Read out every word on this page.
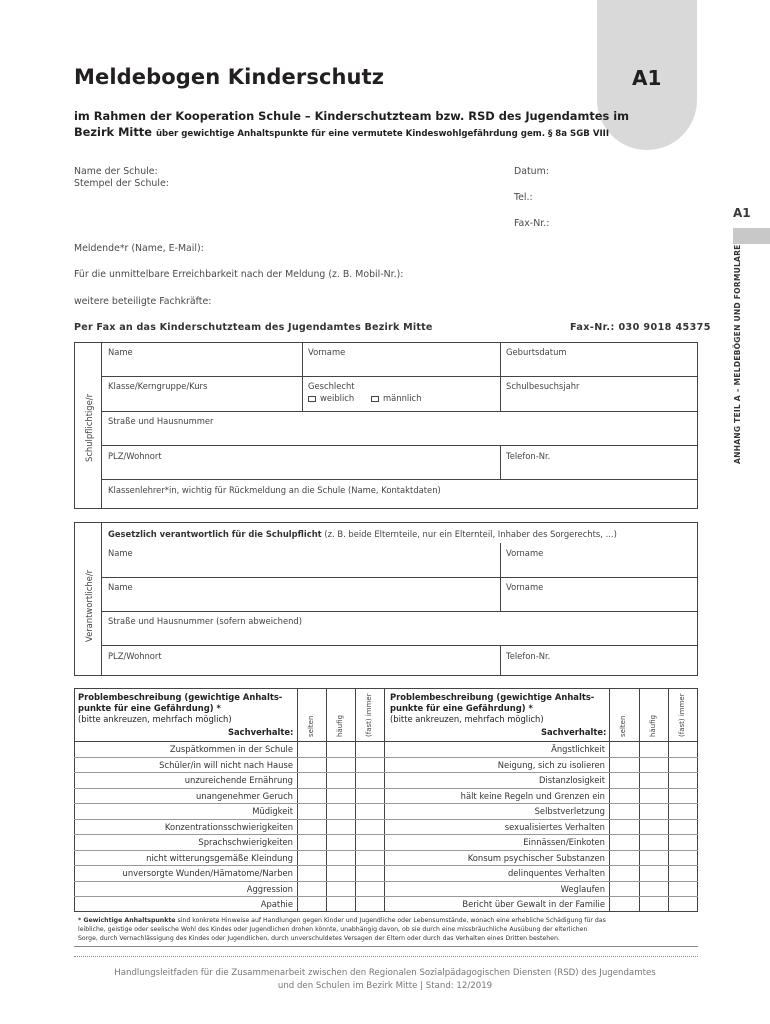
A1
Meldebogen Kinderschutz
im Rahmen der Kooperation Schule – Kinderschutzteam bzw. RSD des Jugendamtes im
Bezirk Mitte über gewichtige Anhaltspunkte für eine vermutete Kindeswohlgefährdung gem. § 8a SGB VIII
A1
ANHANG TEIL A – MELDEBÖGEN UND FORMULARE
Name der Schule:
Stempel der Schule:
Datum:
Tel.:
Fax-Nr.:
Meldende*r (Name, E-Mail):
Für die unmittelbare Erreichbarkeit nach der Meldung (z. B. Mobil-Nr.):
weitere beteiligte Fachkräfte:
Per Fax an das Kinderschutzteam des Jugendamtes Bezirk Mitte	Fax-Nr.: 030 9018 45375
Schulpflichtige/r
Name	Vorname	Geburtsdatum
Klasse/Kerngruppe/Kurs	Geschlecht
weiblich	männlich
Schulbesuchsjahr
Straße und Hausnummer
PLZ/Wohnort	Telefon-Nr.
Klassenlehrer*in, wichtig für Rückmeldung an die Schule (Name, Kontaktdaten)
Verantwortliche/r
Gesetzlich verantwortlich für die Schulpflicht (z. B. beide Elternteile, nur ein Elternteil, Inhaber des Sorgerechts, ...)
Name	Vorname
Name	Vorname
Straße und Hausnummer (sofern abweichend)
PLZ/Wohnort	Telefon-Nr.
Problembeschreibung (gewichtige Anhalts-
punkte für eine Gefährdung) *
(bitte ankreuzen, mehrfach möglich)
Sachverhalte:
Problembeschreibung (gewichtige Anhalts-
punkte für eine Gefährdung) *
(bitte ankreuzen, mehrfach möglich)
Sachverhalte:
selten	häufig	(fast) immer	selten	häufig	(fast) immer
Zuspätkommen in der Schule	Ängstlichkeit
Schüler/in will nicht nach Hause	Neigung, sich zu isolieren
unzureichende Ernährung	Distanzlosigkeit
unangenehmer Geruch	hält keine Regeln und Grenzen ein
Müdigkeit	Selbstverletzung
Konzentrationsschwierigkeiten	sexualisiertes Verhalten
Sprachschwierigkeiten	Einnässen/Einkoten
nicht witterungsgemäße Kleindung	Konsum psychischer Substanzen
unversorgte Wunden/Hämatome/Narben	delinquentes Verhalten
Aggression	Weglaufen
Apathie	Bericht über Gewalt in der Familie
* Gewichtige Anhaltspunkte sind konkrete Hinweise auf Handlungen gegen Kinder und Jugendliche oder Lebensumstände, wonach eine erhebliche Schädigung für das
leibliche, geistige oder seelische Wohl des Kindes oder Jugendlichen drohen könnte, unabhängig davon, ob sie durch eine missbräuchliche Ausübung der elterlichen
Sorge, durch Vernachlässigung des Kindes oder Jugendlichen, durch unverschuldetes Versagen der Eltern oder durch das Verhalten eines Dritten bestehen.
Handlungsleitfaden für die Zusammenarbeit zwischen den Regionalen Sozialpädagogischen Diensten (RSD) des Jugendamtes
und den Schulen im Bezirk Mitte | Stand: 12/2019
